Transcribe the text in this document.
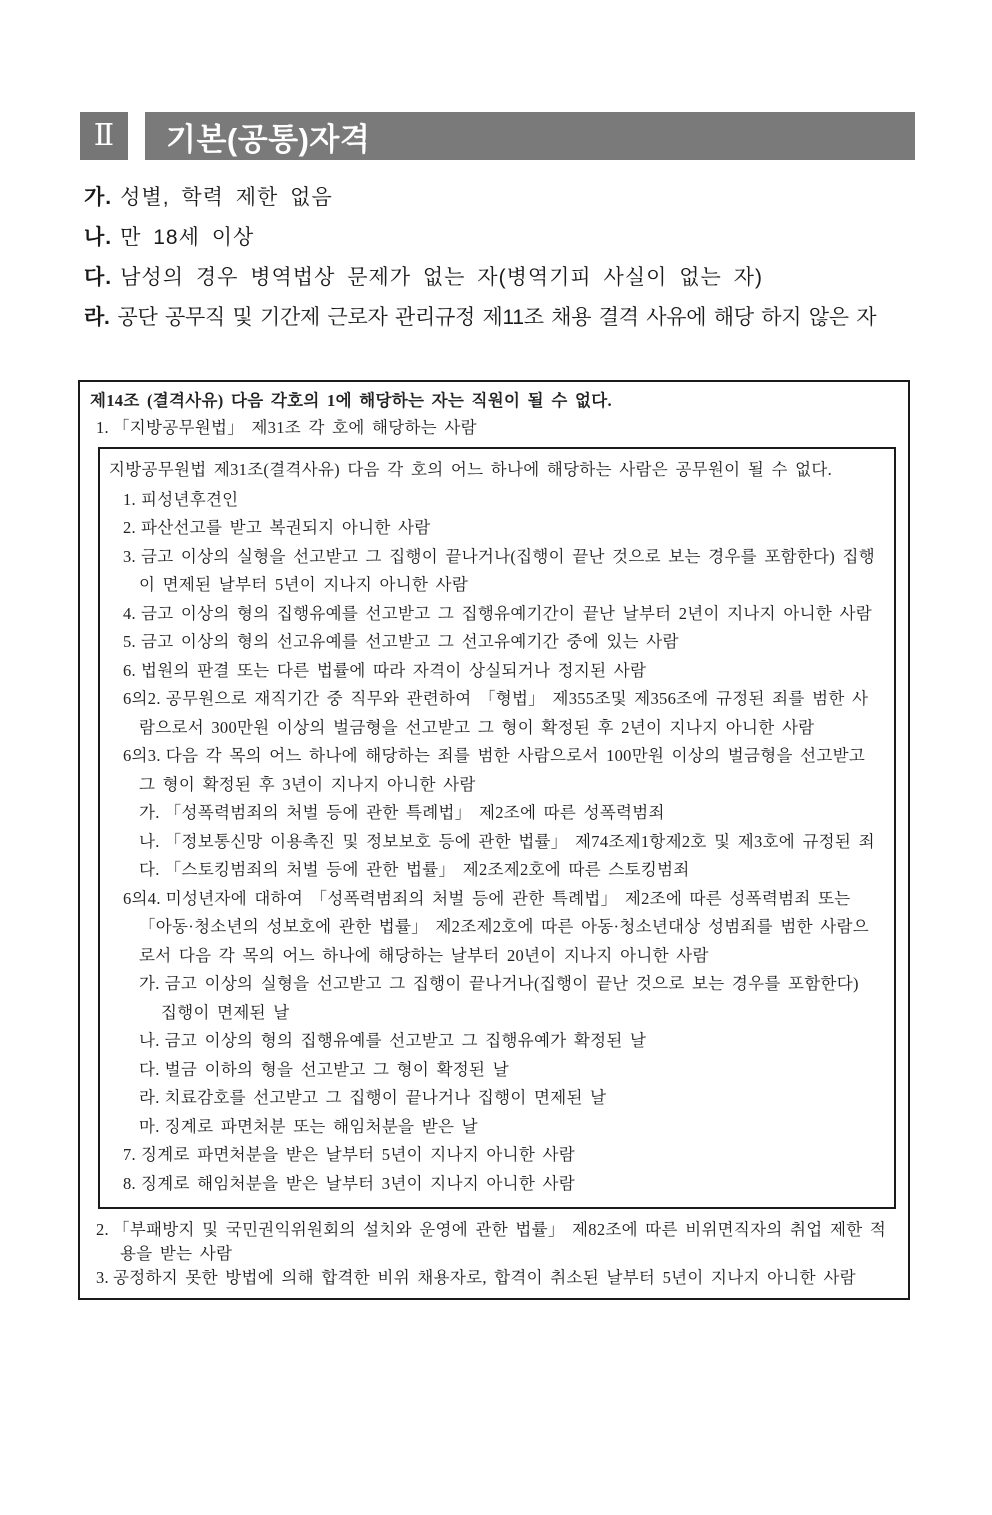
Ⅱ 기본(공통)자격
가. 성별, 학력 제한 없음
나. 만 18세 이상
다. 남성의 경우 병역법상 문제가 없는 자(병역기피 사실이 없는 자)
라. 공단 공무직 및 기간제 근로자 관리규정 제11조 채용 결격 사유에 해당 하지 않은 자
제14조 (결격사유) 다음 각호의 1에 해당하는 자는 직원이 될 수 없다.
1. 「지방공무원법」 제31조 각 호에 해당하는 사람
지방공무원법 제31조(결격사유) 다음 각 호의 어느 하나에 해당하는 사람은 공무원이 될 수 없다.
1. 피성년후견인
2. 파산선고를 받고 복권되지 아니한 사람
3. 금고 이상의 실형을 선고받고 그 집행이 끝나거나(집행이 끝난 것으로 보는 경우를 포함한다) 집행이 면제된 날부터 5년이 지나지 아니한 사람
4. 금고 이상의 형의 집행유예를 선고받고 그 집행유예기간이 끝난 날부터 2년이 지나지 아니한 사람
5. 금고 이상의 형의 선고유예를 선고받고 그 선고유예기간 중에 있는 사람
6. 법원의 판결 또는 다른 법률에 따라 자격이 상실되거나 정지된 사람
6의2. 공무원으로 재직기간 중 직무와 관련하여 「형법」 제355조및 제356조에 규정된 죄를 범한 사람으로서 300만원 이상의 벌금형을 선고받고 그 형이 확정된 후 2년이 지나지 아니한 사람
6의3. 다음 각 목의 어느 하나에 해당하는 죄를 범한 사람으로서 100만원 이상의 벌금형을 선고받고 그 형이 확정된 후 3년이 지나지 아니한 사람
가. 「성폭력범죄의 처벌 등에 관한 특례법」 제2조에 따른 성폭력범죄
나. 「정보통신망 이용촉진 및 정보보호 등에 관한 법률」 제74조제1항제2호 및 제3호에 규정된 죄
다. 「스토킹범죄의 처벌 등에 관한 법률」 제2조제2호에 따른 스토킹범죄
6의4. 미성년자에 대하여 「성폭력범죄의 처벌 등에 관한 특례법」 제2조에 따른 성폭력범죄 또는 「아동·청소년의 성보호에 관한 법률」 제2조제2호에 따른 아동·청소년대상 성범죄를 범한 사람으로서 다음 각 목의 어느 하나에 해당하는 날부터 20년이 지나지 아니한 사람
가. 금고 이상의 실형을 선고받고 그 집행이 끝나거나(집행이 끝난 것으로 보는 경우를 포함한다) 집행이 면제된 날
나. 금고 이상의 형의 집행유예를 선고받고 그 집행유예가 확정된 날
다. 벌금 이하의 형을 선고받고 그 형이 확정된 날
라. 치료감호를 선고받고 그 집행이 끝나거나 집행이 면제된 날
마. 징계로 파면처분 또는 해임처분을 받은 날
7. 징계로 파면처분을 받은 날부터 5년이 지나지 아니한 사람
8. 징계로 해임처분을 받은 날부터 3년이 지나지 아니한 사람
2. 「부패방지 및 국민권익위원회의 설치와 운영에 관한 법률」 제82조에 따른 비위면직자의 취업 제한 적용을 받는 사람
3. 공정하지 못한 방법에 의해 합격한 비위 채용자로, 합격이 취소된 날부터 5년이 지나지 아니한 사람
